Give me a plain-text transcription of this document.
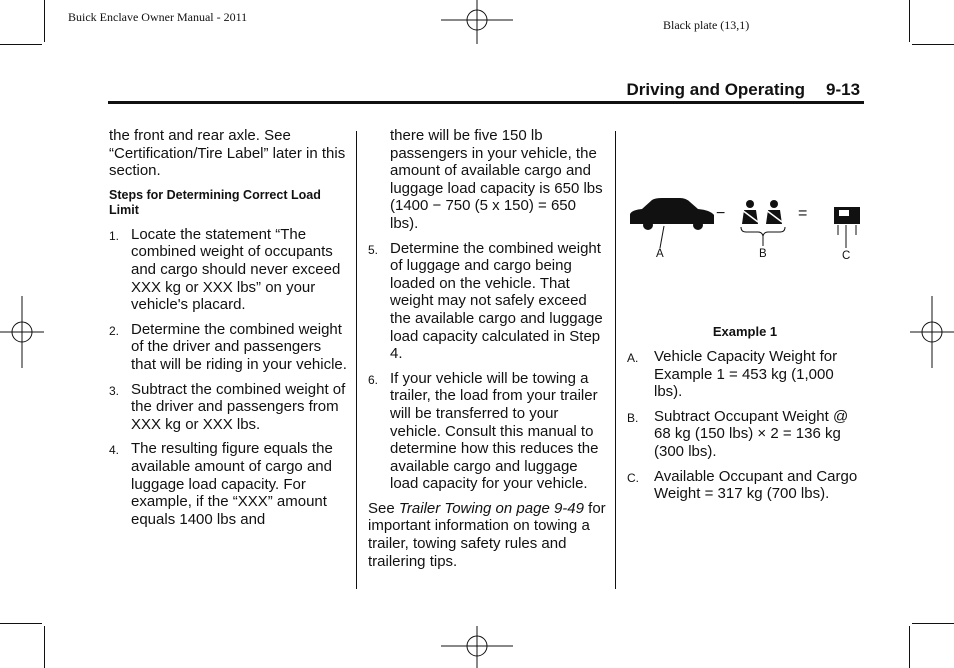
Buick Enclave Owner Manual - 2011
Black plate (13,1)
Driving and Operating 9-13

the front and rear axle. See “Certification/Tire Label” later in this section.

Steps for Determining Correct Load Limit
1. Locate the statement “The combined weight of occupants and cargo should never exceed XXX kg or XXX lbs” on your vehicle's placard.
2. Determine the combined weight of the driver and passengers that will be riding in your vehicle.
3. Subtract the combined weight of the driver and passengers from XXX kg or XXX lbs.
4. The resulting figure equals the available amount of cargo and luggage load capacity. For example, if the “XXX” amount equals 1400 lbs and

there will be five 150 lb passengers in your vehicle, the amount of available cargo and luggage load capacity is 650 lbs (1400 − 750 (5 x 150) = 650 lbs).

5. Determine the combined weight of luggage and cargo being loaded on the vehicle. That weight may not safely exceed the available cargo and luggage load capacity calculated in Step 4.
6. If your vehicle will be towing a trailer, the load from your trailer will be transferred to your vehicle. Consult this manual to determine how this reduces the available cargo and luggage load capacity for your vehicle.

See Trailer Towing on page 9-49 for important information on towing a trailer, towing safety rules and trailering tips.

−	=
A	B	C
Example 1
A. Vehicle Capacity Weight for Example 1 = 453 kg (1,000 lbs).
B. Subtract Occupant Weight @ 68 kg (150 lbs) × 2 = 136 kg (300 lbs).
C. Available Occupant and Cargo Weight = 317 kg (700 lbs).
